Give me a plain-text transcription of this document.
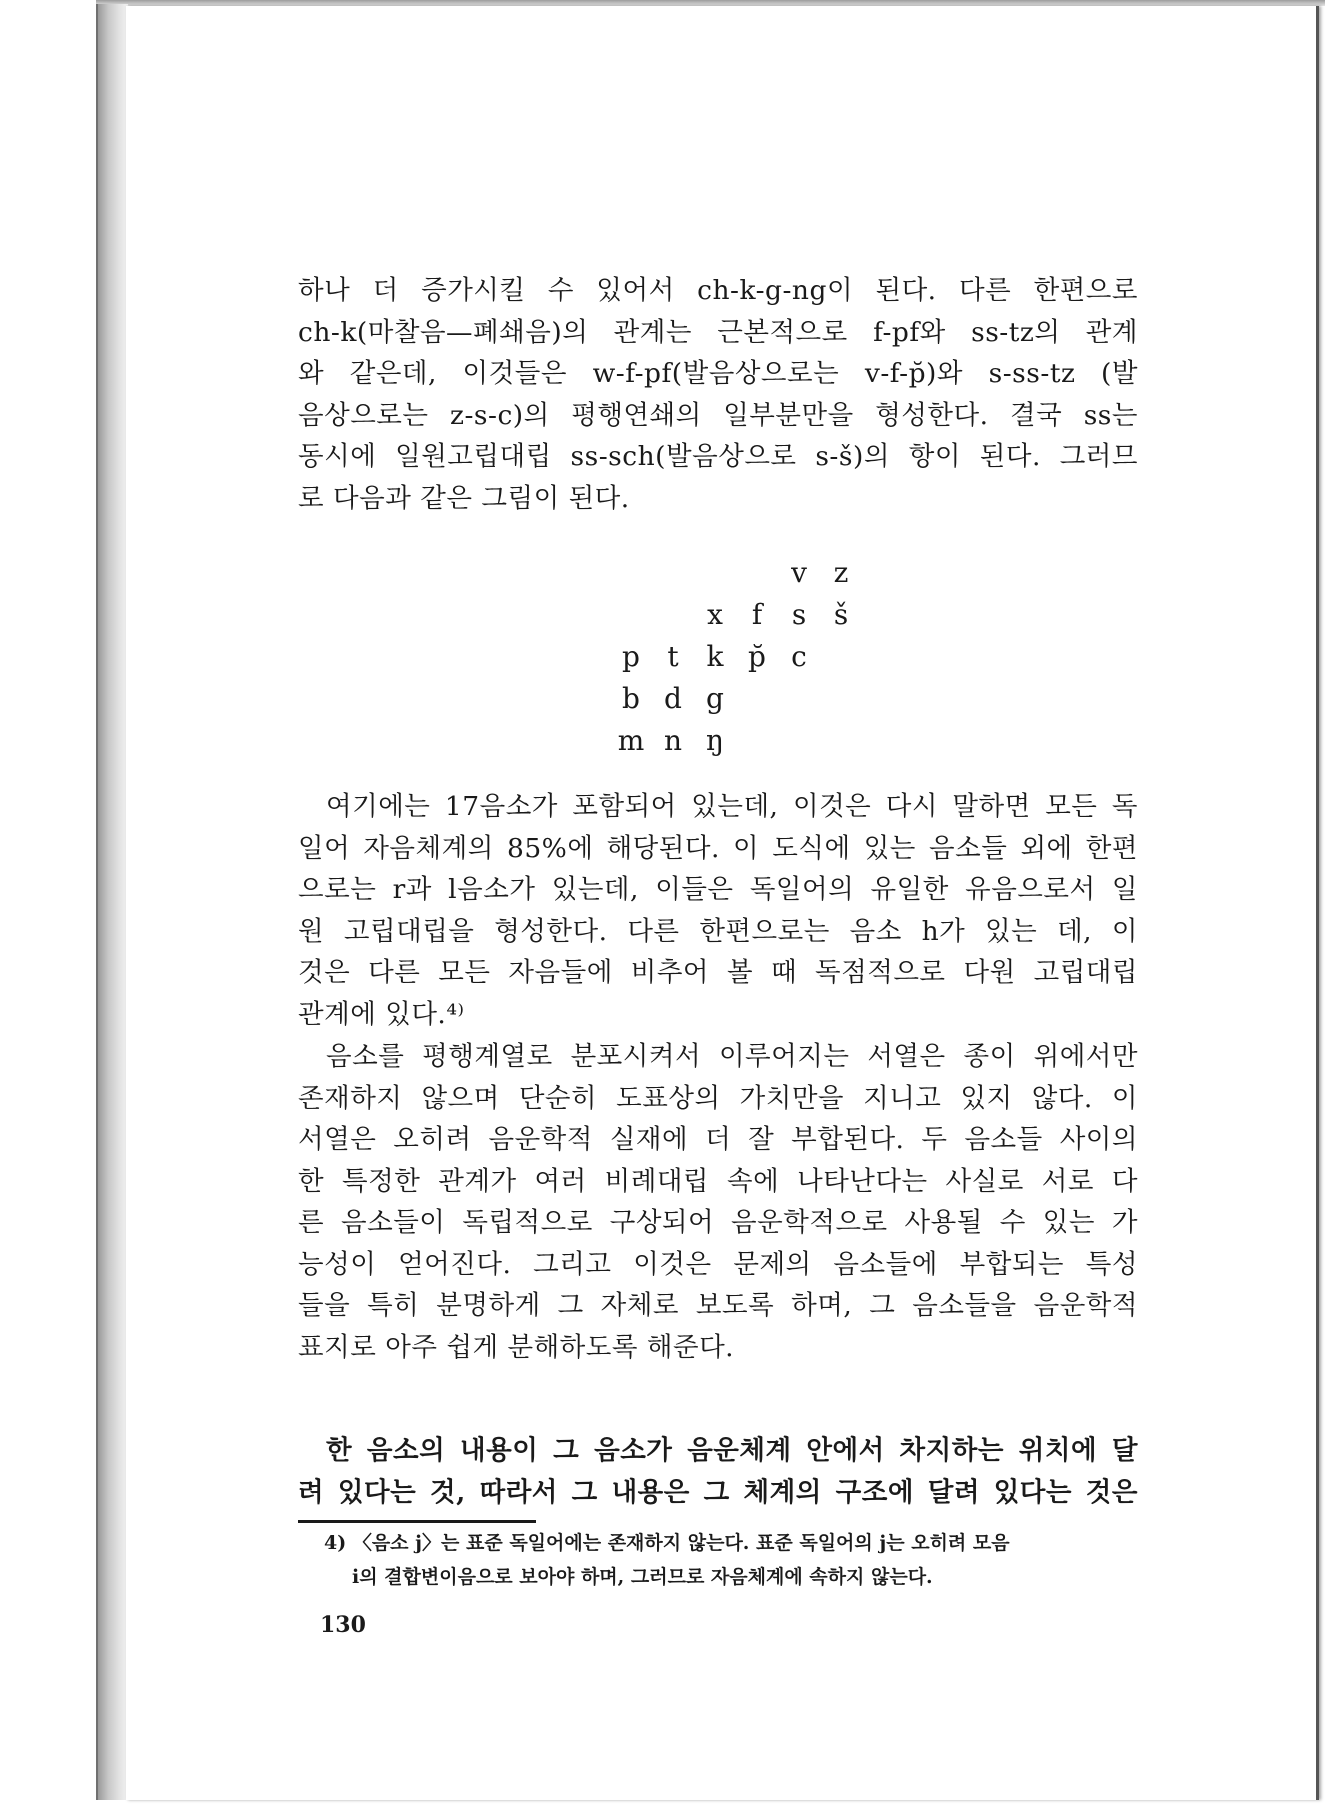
하나 더 증가시킬 수 있어서 ch-k-g-ng이 된다. 다른 한편으로
ch-k(마찰음—폐쇄음)의 관계는 근본적으로 f-pf와 ss-tz의 관계
와 같은데, 이것들은 w-f-pf(발음상으로는 v-f-p̆)와 s-ss-tz (발
음상으로는 z-s-c)의 평행연쇄의 일부분만을 형성한다. 결국 ss는
동시에 일원고립대립 ss-sch(발음상으로 s-š)의 항이 된다. 그러므
로 다음과 같은 그림이 된다.
v z
x f s š
p t k p̆ c
b d g
m n ŋ
여기에는 17음소가 포함되어 있는데, 이것은 다시 말하면 모든 독
일어 자음체계의 85%에 해당된다. 이 도식에 있는 음소들 외에 한편
으로는 r과 l음소가 있는데, 이들은 독일어의 유일한 유음으로서 일
원 고립대립을 형성한다. 다른 한편으로는 음소 h가 있는 데, 이
것은 다른 모든 자음들에 비추어 볼 때 독점적으로 다원 고립대립
관계에 있다.⁴⁾
음소를 평행계열로 분포시켜서 이루어지는 서열은 종이 위에서만
존재하지 않으며 단순히 도표상의 가치만을 지니고 있지 않다. 이
서열은 오히려 음운학적 실재에 더 잘 부합된다. 두 음소들 사이의
한 특정한 관계가 여러 비례대립 속에 나타난다는 사실로 서로 다
른 음소들이 독립적으로 구상되어 음운학적으로 사용될 수 있는 가
능성이 얻어진다. 그리고 이것은 문제의 음소들에 부합되는 특성
들을 특히 분명하게 그 자체로 보도록 하며, 그 음소들을 음운학적
표지로 아주 쉽게 분해하도록 해준다.
한 음소의 내용이 그 음소가 음운체계 안에서 차지하는 위치에 달
려 있다는 것, 따라서 그 내용은 그 체계의 구조에 달려 있다는 것은
4) 〈음소 j〉는 표준 독일어에는 존재하지 않는다. 표준 독일어의 j는 오히려 모음
i의 결합변이음으로 보아야 하며, 그러므로 자음체계에 속하지 않는다.
130
